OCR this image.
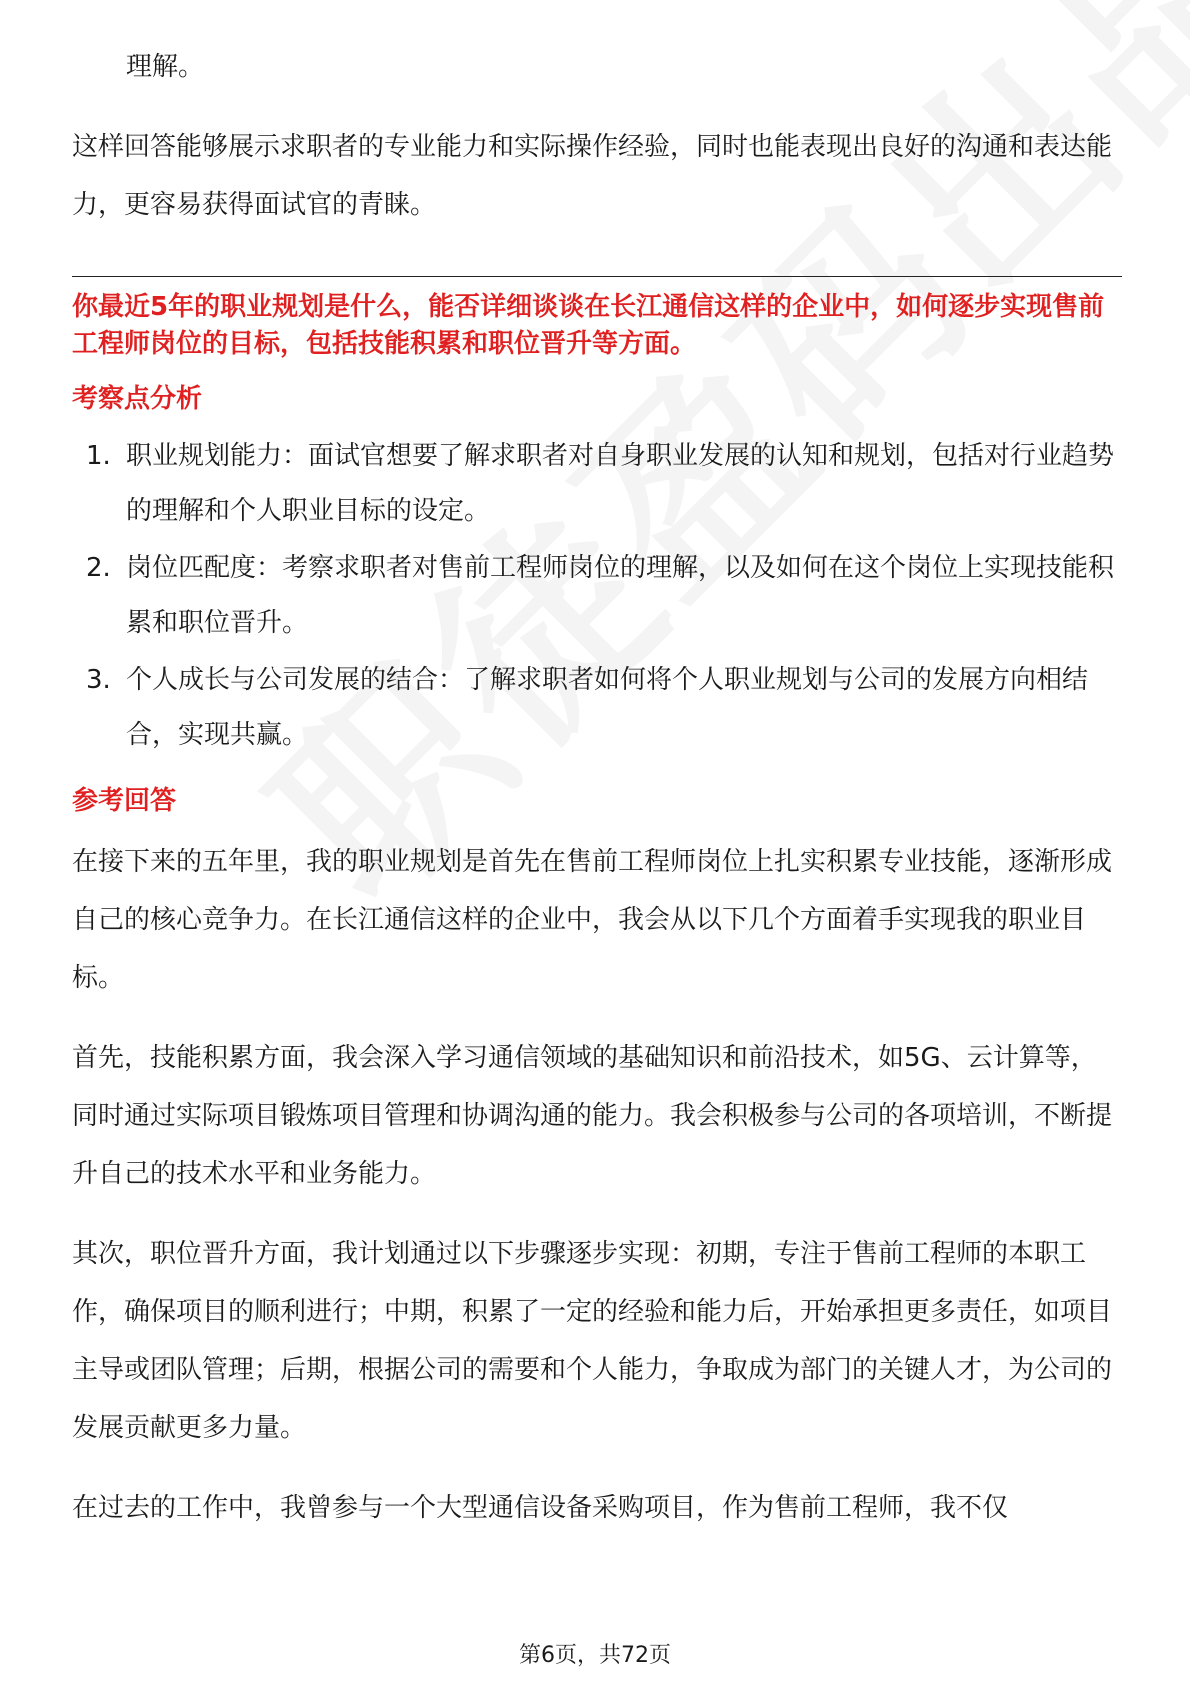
理解。

这样回答能够展示求职者的专业能力和实际操作经验，同时也能表现出良好的沟通和表达能力，更容易获得面试官的青睐。

你最近5年的职业规划是什么，能否详细谈谈在长江通信这样的企业中，如何逐步实现售前工程师岗位的目标，包括技能积累和职位晋升等方面。

考察点分析
1. 职业规划能力：面试官想要了解求职者对自身职业发展的认知和规划，包括对行业趋势的理解和个人职业目标的设定。
2. 岗位匹配度：考察求职者对售前工程师岗位的理解，以及如何在这个岗位上实现技能积累和职位晋升。
3. 个人成长与公司发展的结合：了解求职者如何将个人职业规划与公司的发展方向相结合，实现共赢。
参考回答

在接下来的五年里，我的职业规划是首先在售前工程师岗位上扎实积累专业技能，逐渐形成自己的核心竞争力。在长江通信这样的企业中，我会从以下几个方面着手实现我的职业目标。

首先，技能积累方面，我会深入学习通信领域的基础知识和前沿技术，如5G、云计算等，同时通过实际项目锻炼项目管理和协调沟通的能力。我会积极参与公司的各项培训，不断提升自己的技术水平和业务能力。

其次，职位晋升方面，我计划通过以下步骤逐步实现：初期，专注于售前工程师的本职工作，确保项目的顺利进行；中期，积累了一定的经验和能力后，开始承担更多责任，如项目主导或团队管理；后期，根据公司的需要和个人能力，争取成为部门的关键人才，为公司的发展贡献更多力量。

在过去的工作中，我曾参与一个大型通信设备采购项目，作为售前工程师，我不仅

第6页，共72页
